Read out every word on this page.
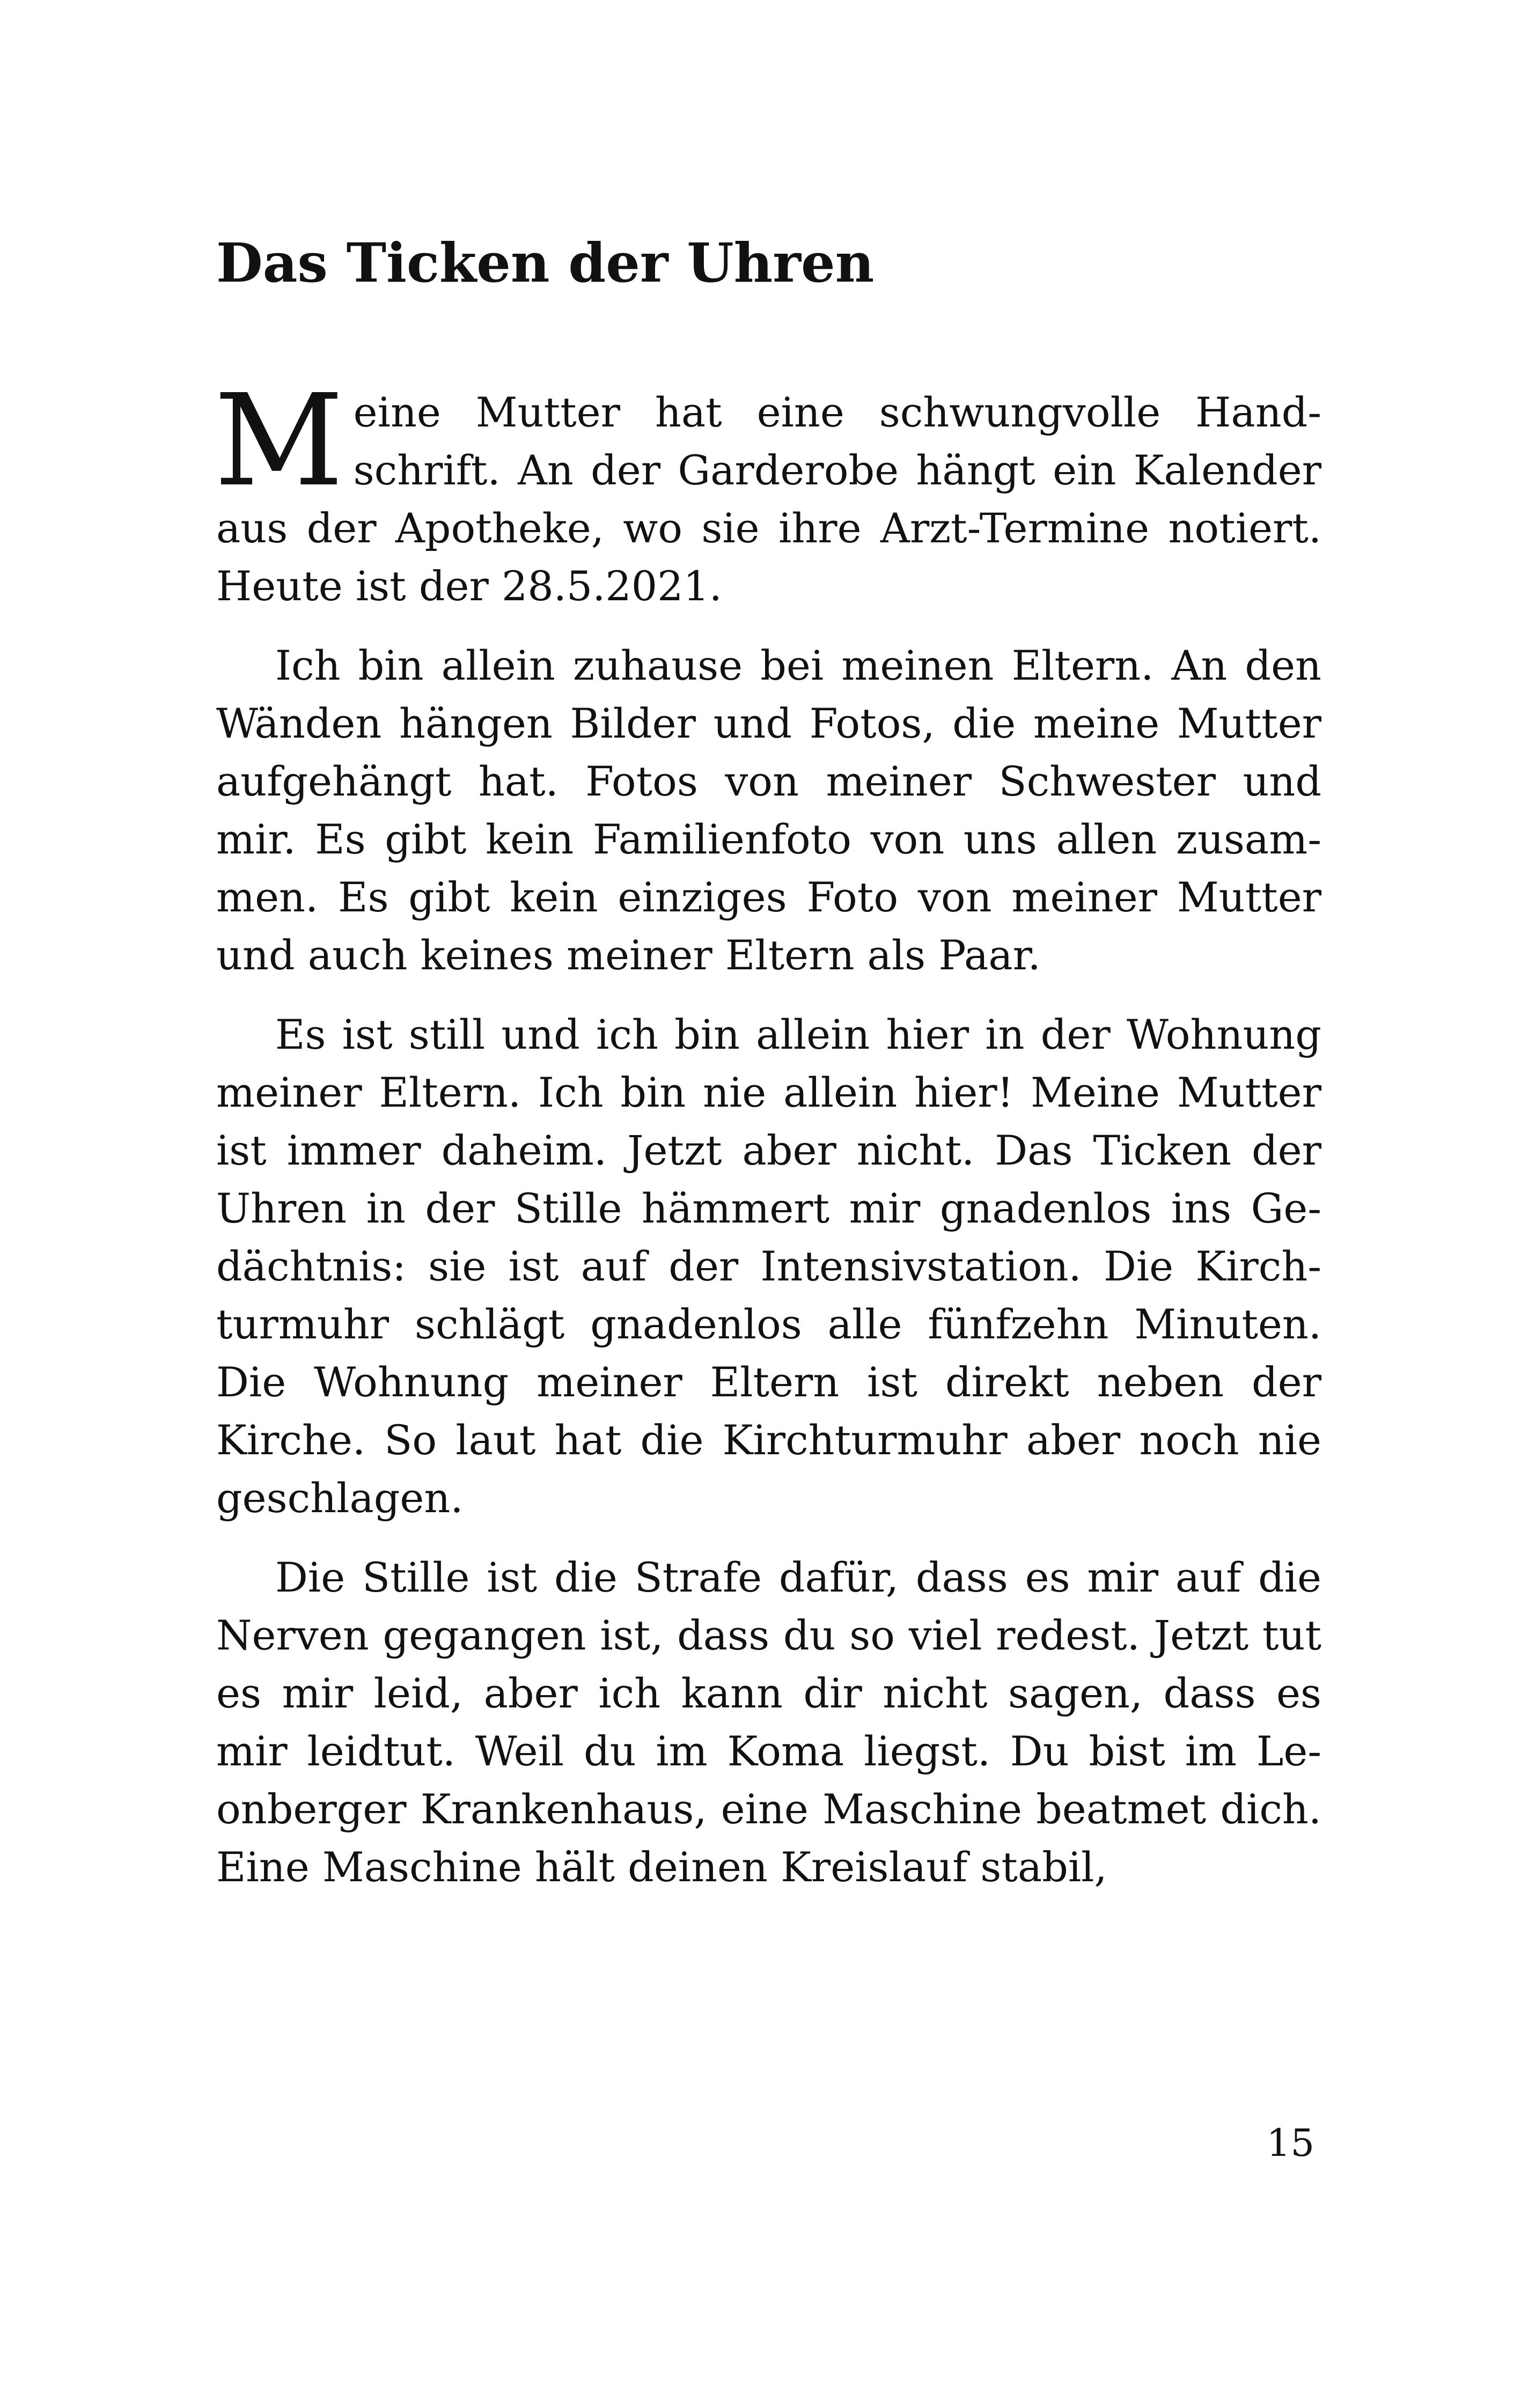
Das Ticken der Uhren

Meine Mutter hat eine schwungvolle Handschrift. An der Garderobe hängt ein Kalender aus der Apotheke, wo sie ihre Arzt-Termine notiert. Heute ist der 28.5.2021.

Ich bin allein zuhause bei meinen Eltern. An den Wänden hängen Bilder und Fotos, die meine Mutter aufgehängt hat. Fotos von meiner Schwester und mir. Es gibt kein Familienfoto von uns allen zusammen. Es gibt kein einziges Foto von meiner Mutter und auch keines meiner Eltern als Paar.

Es ist still und ich bin allein hier in der Wohnung meiner Eltern. Ich bin nie allein hier! Meine Mutter ist immer daheim. Jetzt aber nicht. Das Ticken der Uhren in der Stille hämmert mir gnadenlos ins Gedächtnis: sie ist auf der Intensivstation. Die Kirchturmuhr schlägt gnadenlos alle fünfzehn Minuten. Die Wohnung meiner Eltern ist direkt neben der Kirche. So laut hat die Kirchturmuhr aber noch nie geschlagen.

Die Stille ist die Strafe dafür, dass es mir auf die Nerven gegangen ist, dass du so viel redest. Jetzt tut es mir leid, aber ich kann dir nicht sagen, dass es mir leidtut. Weil du im Koma liegst. Du bist im Leonberger Krankenhaus, eine Maschine beatmet dich. Eine Maschine hält deinen Kreislauf stabil,

15
